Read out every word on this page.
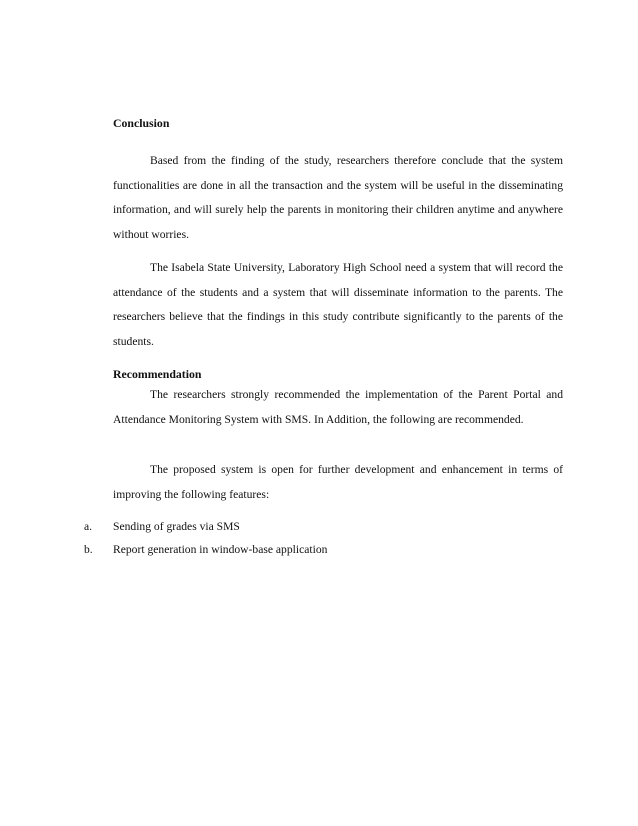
Conclusion

Based from the finding of the study, researchers therefore conclude that the system functionalities are done in all the transaction and the system will be useful in the disseminating information, and will surely help the parents in monitoring their children anytime and anywhere without worries.

The Isabela State University, Laboratory High School need a system that will record the attendance of the students and a system that will disseminate information to the parents. The researchers believe that the findings in this study contribute significantly to the parents of the students.

Recommendation

The researchers strongly recommended the implementation of the Parent Portal and Attendance Monitoring System with SMS. In Addition, the following are recommended.

The proposed system is open for further development and enhancement in terms of improving the following features:

a. Sending of grades via SMS
b. Report generation in window-base application
